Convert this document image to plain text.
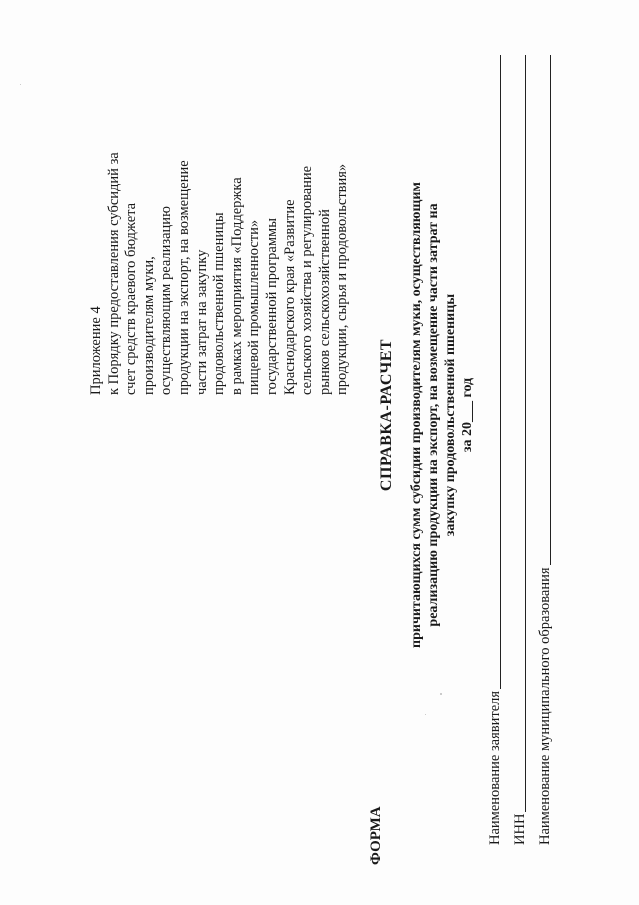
Приложение 4 к Порядку предоставления субсидий за счет средств краевого бюджета производителям муки, осуществляющим реализацию продукции на экспорт, на возмещение части затрат на закупку продовольственной пшеницы в рамках мероприятия «Поддержка пищевой промышленности» государственной программы Краснодарского края «Развитие сельского хозяйства и регулирование рынков сельскохозяйственной продукции, сырья и продовольствия»
ФОРМА
СПРАВКА-РАСЧЕТ причитающихся сумм субсидии производителям муки, осуществляющим реализацию продукции на экспорт, на возмещение части затрат на закупку продовольственной пшеницы за 20___ год
Наименование заявителя ИНН Наименование муниципального образования
